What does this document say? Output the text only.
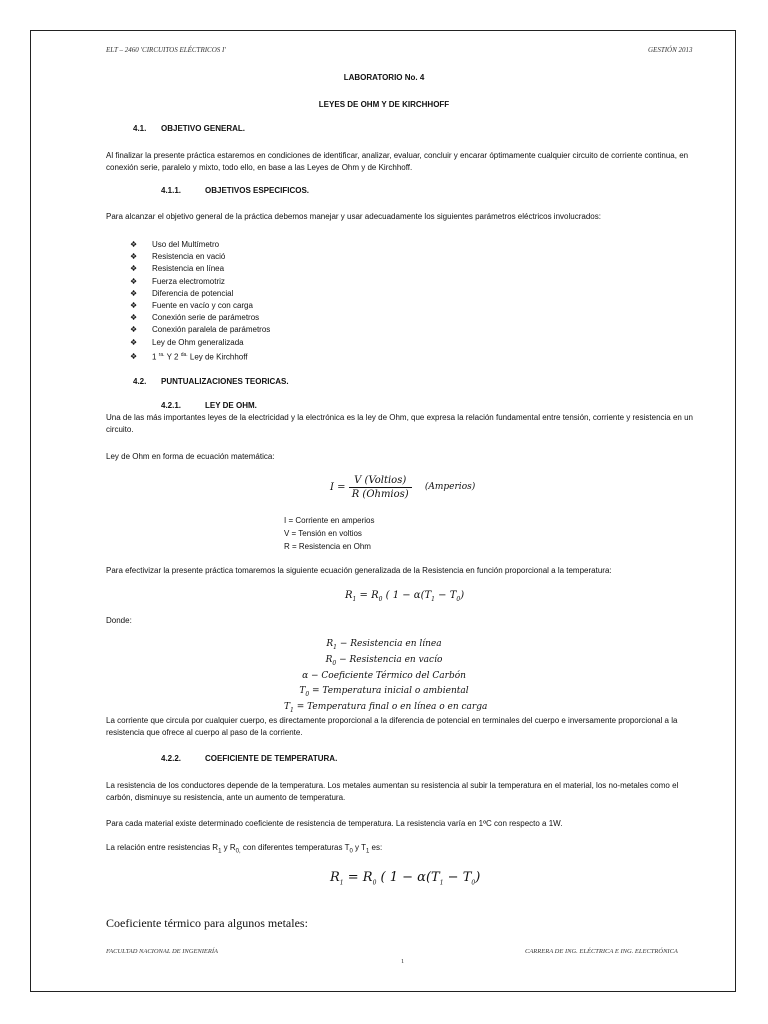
ELT – 2460 'CIRCUITOS ELÉCTRICOS I'	GESTIÓN 2013
LABORATORIO No. 4
LEYES DE OHM Y DE KIRCHHOFF
4.1. OBJETIVO GENERAL.
Al finalizar la presente práctica estaremos en condiciones de identificar, analizar, evaluar, concluir y encarar óptimamente cualquier circuito de corriente continua, en conexión serie, paralelo y mixto, todo ello, en base a las Leyes de Ohm y de Kirchhoff.
4.1.1.	OBJETIVOS ESPECIFICOS.
Para alcanzar el objetivo general de la práctica debemos manejar y usar adecuadamente los siguientes parámetros eléctricos involucrados:
❖ Uso del Multímetro
❖ Resistencia en vació
❖ Resistencia en línea
❖ Fuerza electromotriz
❖ Diferencia de potencial
❖ Fuente en vacío y con carga
❖ Conexión serie de parámetros
❖ Conexión paralela de parámetros
❖ Ley de Ohm generalizada
❖ 1 $^{ra.}$ Y 2 $^{da.}$ Ley de Kirchhoff
4.2. PUNTUALIZACIONES TEORICAS.
4.2.1.	LEY DE OHM.
Una de las más importantes leyes de la electricidad y la electrónica es la ley de Ohm, que expresa la relación fundamental entre tensión, corriente y resistencia en un circuito.
Ley de Ohm en forma de ecuación matemática:
$I = \frac{\text{V (Voltios)}}{\text{R (Ohmios)}}$ (Amperios)
I = Corriente en amperios
V = Tensión en voltios
R = Resistencia en Ohm
Para efectivizar la presente práctica tomaremos la siguiente ecuación generalizada de la Resistencia en función proporcional a la temperatura:
$R_1 = R_0$ ( $1 - \alpha(T_1 - T_0)$
Donde:
$R_1$ − Resistencia en línea
$R_0$ − Resistencia en vacío
α − Coeficiente Térmico del Carbón
$T_0$ = Temperatura inicial o ambiental
$T_1$ = Temperatura final o en línea o en carga
La corriente que circula por cualquier cuerpo, es directamente proporcional a la diferencia de potencial en terminales del cuerpo e inversamente proporcional a la resistencia que ofrece al cuerpo al paso de la corriente.
4.2.2.	COEFICIENTE DE TEMPERATURA.
La resistencia de los conductores depende de la temperatura. Los metales aumentan su resistencia al subir la temperatura en el material, los no-metales como el carbón, disminuye su resistencia, ante un aumento de temperatura.
Para cada material existe determinado coeficiente de resistencia de temperatura. La resistencia varía en 1ºC con respecto a 1W.
La relación entre resistencias $R_1$ y $R_{0,}$ con diferentes temperaturas $T_0$ y $T_1$ es:
$R_1 = R_0$ ( $1 - \alpha(T_1 - T_0)$
Coeficiente térmico para algunos metales:
FACULTAD NACIONAL DE INGENIERÍA	CARRERA DE ING. ELÉCTRICA E ING. ELECTRÓNICA
1
